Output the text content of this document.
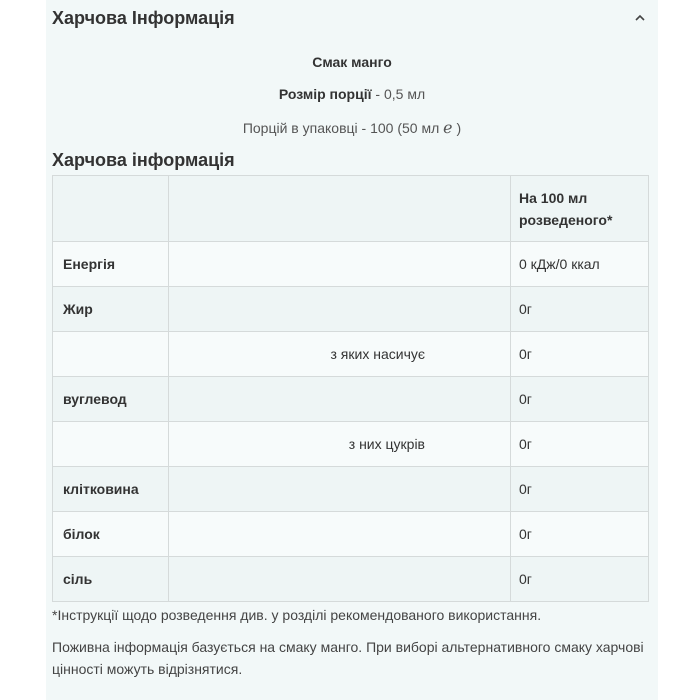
Харчова Інформація
Смак манго
Розмір порції - 0,5 мл
Порцій в упаковці - 100 (50 мл ℯ )
Харчова інформація
		На 100 мл розведеного*
Енергія		0 кДж/0 ккал
Жир		0г
	з яких насичує	0г
вуглевод		0г
	з них цукрів	0г
клітковина		0г
білок		0г
сіль		0г
*Інструкції щодо розведення див. у розділі рекомендованого використання.
Поживна інформація базується на смаку манго. При виборі альтернативного смаку харчові цінності можуть відрізнятися.
